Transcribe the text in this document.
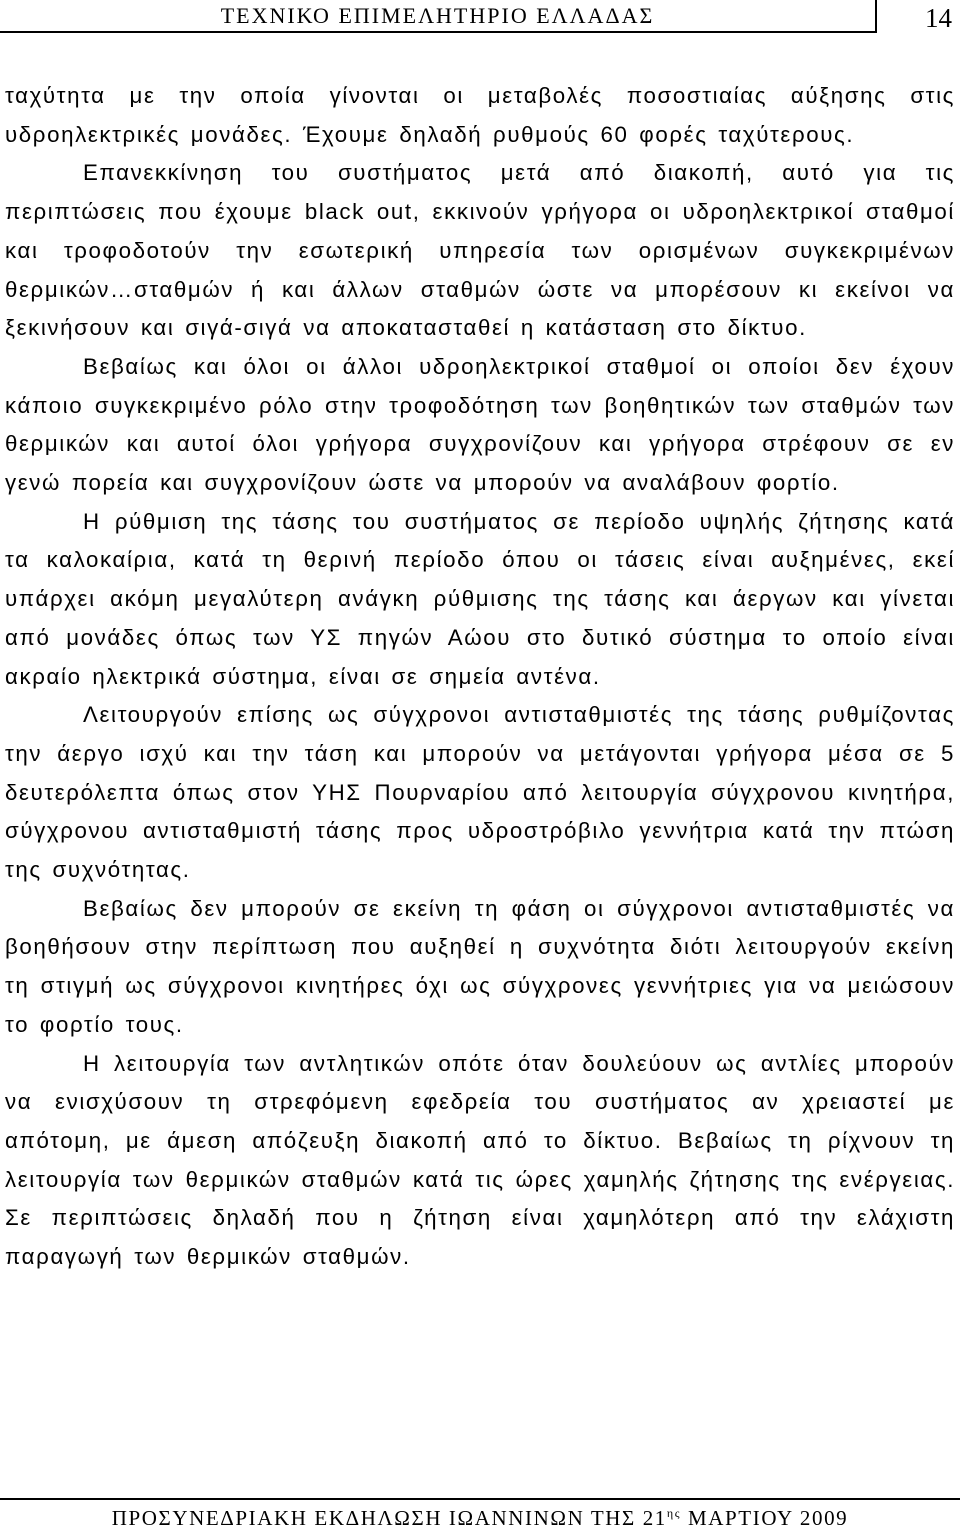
ΤΕΧΝΙΚΟ ΕΠΙΜΕΛΗΤΗΡΙΟ ΕΛΛΑΔΑΣ	14

ταχύτητα με την οποία γίνονται οι μεταβολές ποσοστιαίας αύξησης στις υδροηλεκτρικές μονάδες. Έχουμε δηλαδή ρυθμούς 60 φορές ταχύτερους.

Επανεκκίνηση του συστήματος μετά από διακοπή, αυτό για τις περιπτώσεις που έχουμε black out, εκκινούν γρήγορα οι υδροηλεκτρικοί σταθμοί και τροφοδοτούν την εσωτερική υπηρεσία των ορισμένων συγκεκριμένων θερμικών…σταθμών ή και άλλων σταθμών ώστε να μπορέσουν κι εκείνοι να ξεκινήσουν και σιγά-σιγά να αποκατασταθεί η κατάσταση στο δίκτυο.

Βεβαίως και όλοι οι άλλοι υδροηλεκτρικοί σταθμοί οι οποίοι δεν έχουν κάποιο συγκεκριμένο ρόλο στην τροφοδότηση των βοηθητικών των σταθμών των θερμικών και αυτοί όλοι γρήγορα συγχρονίζουν και γρήγορα στρέφουν σε εν γενώ πορεία και συγχρονίζουν ώστε να μπορούν να αναλάβουν φορτίο.

Η ρύθμιση της τάσης του συστήματος σε περίοδο υψηλής ζήτησης κατά τα καλοκαίρια, κατά τη θερινή περίοδο όπου οι τάσεις είναι αυξημένες, εκεί υπάρχει ακόμη μεγαλύτερη ανάγκη ρύθμισης της τάσης και άεργων και γίνεται από μονάδες όπως των ΥΣ πηγών Αώου στο δυτικό σύστημα το οποίο είναι ακραίο ηλεκτρικά σύστημα, είναι σε σημεία αντένα.

Λειτουργούν επίσης ως σύγχρονοι αντισταθμιστές της τάσης ρυθμίζοντας την άεργο ισχύ και την τάση και μπορούν να μετάγονται γρήγορα μέσα σε 5 δευτερόλεπτα όπως στον ΥΗΣ Πουρναρίου από λειτουργία σύγχρονου κινητήρα, σύγχρονου αντισταθμιστή τάσης προς υδροστρόβιλο γεννήτρια κατά την πτώση της συχνότητας.

Βεβαίως δεν μπορούν σε εκείνη τη φάση οι σύγχρονοι αντισταθμιστές να βοηθήσουν στην περίπτωση που αυξηθεί η συχνότητα διότι λειτουργούν εκείνη τη στιγμή ως σύγχρονοι κινητήρες όχι ως σύγχρονες γεννήτριες για να μειώσουν το φορτίο τους.

Η λειτουργία των αντλητικών οπότε όταν δουλεύουν ως αντλίες μπορούν να ενισχύσουν τη στρεφόμενη εφεδρεία του συστήματος αν χρειαστεί με απότομη, με άμεση απόζευξη διακοπή από το δίκτυο. Βεβαίως τη ρίχνουν τη λειτουργία των θερμικών σταθμών κατά τις ώρες χαμηλής ζήτησης της ενέργειας. Σε περιπτώσεις δηλαδή που η ζήτηση είναι χαμηλότερη από την ελάχιστη παραγωγή των θερμικών σταθμών.

ΠΡΟΣΥΝΕΔΡΙΑΚΗ ΕΚΔΗΛΩΣΗ ΙΩΑΝΝΙΝΩΝ ΤΗΣ $21^{\eta\varsigma}$ ΜΑΡΤΙΟΥ 2009
